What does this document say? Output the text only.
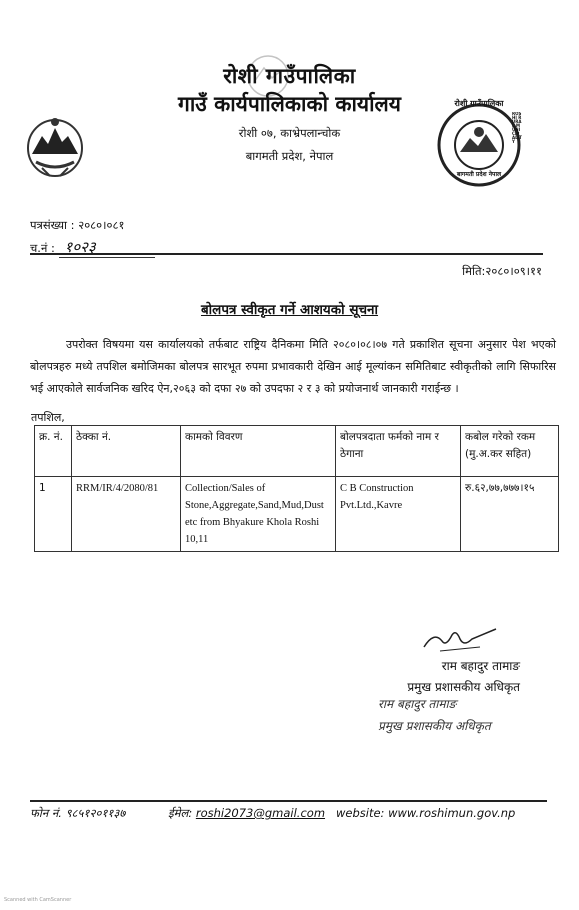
रोशी गाउँपालिका
गाउँ कार्यपालिकाको कार्यालय
रोशी ०७, काभ्रेपलान्चोक
बागमती प्रदेश, नेपाल
रोशी गाउँपालिका
ROSHI RURAL MUNICIPALITY
बागमती प्रदेश नेपाल
पत्रसंख्या : २०८०।०८१
च.नं : १०२३
मिति:२०८०।०९।११
बोलपत्र स्वीकृत गर्ने आशयको सूचना
उपरोक्त विषयमा यस कार्यालयको तर्फबाट राष्ट्रिय दैनिकमा मिति २०८०।०८।०७ गते प्रकाशित सूचना अनुसार पेश भएको बोलपत्रहरु मध्ये तपशिल बमोजिमका बोलपत्र सारभूत रुपमा प्रभावकारी देखिन आई मूल्यांकन समितिबाट स्वीकृतीको लागि सिफारिस भई आएकोले सार्वजनिक खरिद ऐन,२०६३ को दफा २७ को उपदफा २ र ३ को प्रयोजनार्थ जानकारी गराईन्छ ।
तपशिल,
क्र. नं.	ठेक्का नं.	कामको विवरण	बोलपत्रदाता फर्मको नाम र ठेगाना	कबोल गरेको रकम (मु.अ.कर सहित)
1	RRM/IR/4/2080/81	Collection/Sales of Stone,Aggregate,Sand,Mud,Dust etc from Bhyakure Khola Roshi 10,11	C B Construction Pvt.Ltd.,Kavre	रु.६२,७७,७७७।१५
राम बहादुर तामाङ
प्रमुख प्रशासकीय अधिकृत
राम बहादुर तामाङ
प्रमुख प्रशासकीय अधिकृत
फोन नं. ९८५१२०११३७	ईमेल: roshi2073@gmail.com website: www.roshimun.gov.np
Scanned with CamScanner
